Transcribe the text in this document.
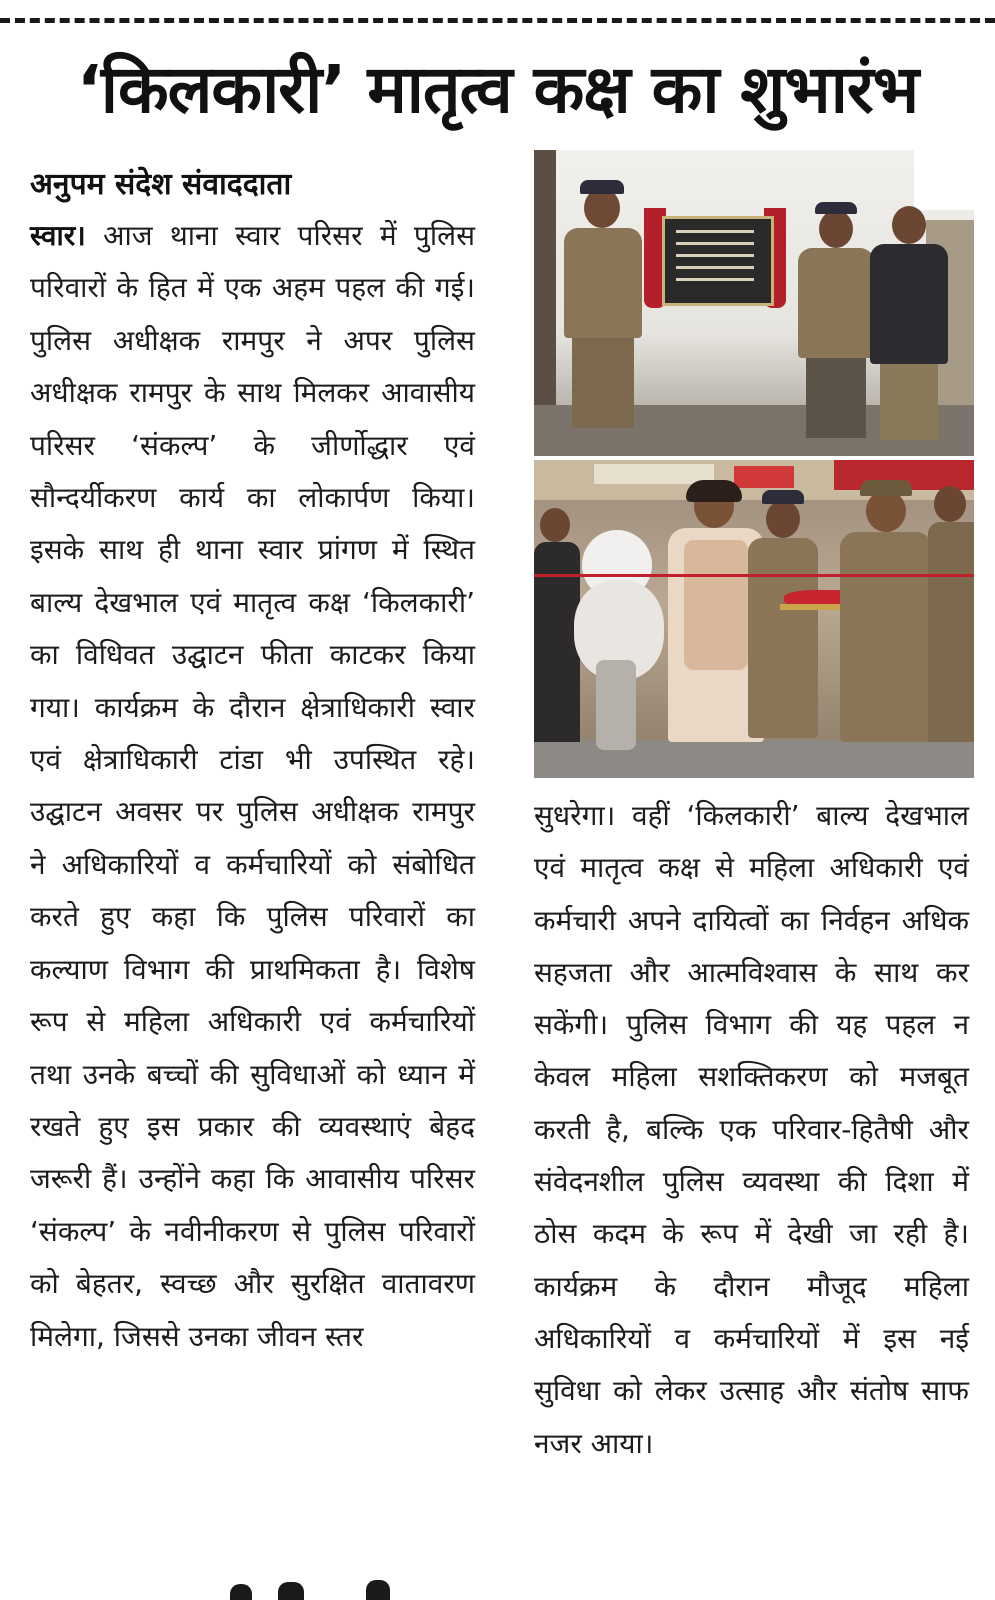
‘किलकारी’ मातृत्व कक्ष का शुभारंभ
अनुपम संदेश संवाददाता
स्वार। आज थाना स्वार परिसर में पुलिस परिवारों के हित में एक अहम पहल की गई। पुलिस अधीक्षक रामपुर ने अपर पुलिस अधीक्षक रामपुर के साथ मिलकर आवासीय परिसर ‘संकल्प’ के जीर्णोद्धार एवं सौन्दर्यीकरण कार्य का लोकार्पण किया। इसके साथ ही थाना स्वार प्रांगण में स्थित बाल्य देखभाल एवं मातृत्व कक्ष ‘किलकारी’ का विधिवत उद्घाटन फीता काटकर किया गया। कार्यक्रम के दौरान क्षेत्राधिकारी स्वार एवं क्षेत्राधिकारी टांडा भी उपस्थित रहे। उद्घाटन अवसर पर पुलिस अधीक्षक रामपुर ने अधिकारियों व कर्मचारियों को संबोधित करते हुए कहा कि पुलिस परिवारों का कल्याण विभाग की प्राथमिकता है। विशेष रूप से महिला अधिकारी एवं कर्मचारियों तथा उनके बच्चों की सुविधाओं को ध्यान में रखते हुए इस प्रकार की व्यवस्थाएं बेहद जरूरी हैं। उन्होंने कहा कि आवासीय परिसर ‘संकल्प’ के नवीनीकरण से पुलिस परिवारों को बेहतर, स्वच्छ और सुरक्षित वातावरण मिलेगा, जिससे उनका जीवन स्तर
सुधरेगा। वहीं ‘किलकारी’ बाल्य देखभाल एवं मातृत्व कक्ष से महिला अधिकारी एवं कर्मचारी अपने दायित्वों का निर्वहन अधिक सहजता और आत्मविश्वास के साथ कर सकेंगी। पुलिस विभाग की यह पहल न केवल महिला सशक्तिकरण को मजबूत करती है, बल्कि एक परिवार-हितैषी और संवेदनशील पुलिस व्यवस्था की दिशा में ठोस कदम के रूप में देखी जा रही है। कार्यक्रम के दौरान मौजूद महिला अधिकारियों व कर्मचारियों में इस नई सुविधा को लेकर उत्साह और संतोष साफ नजर आया।
